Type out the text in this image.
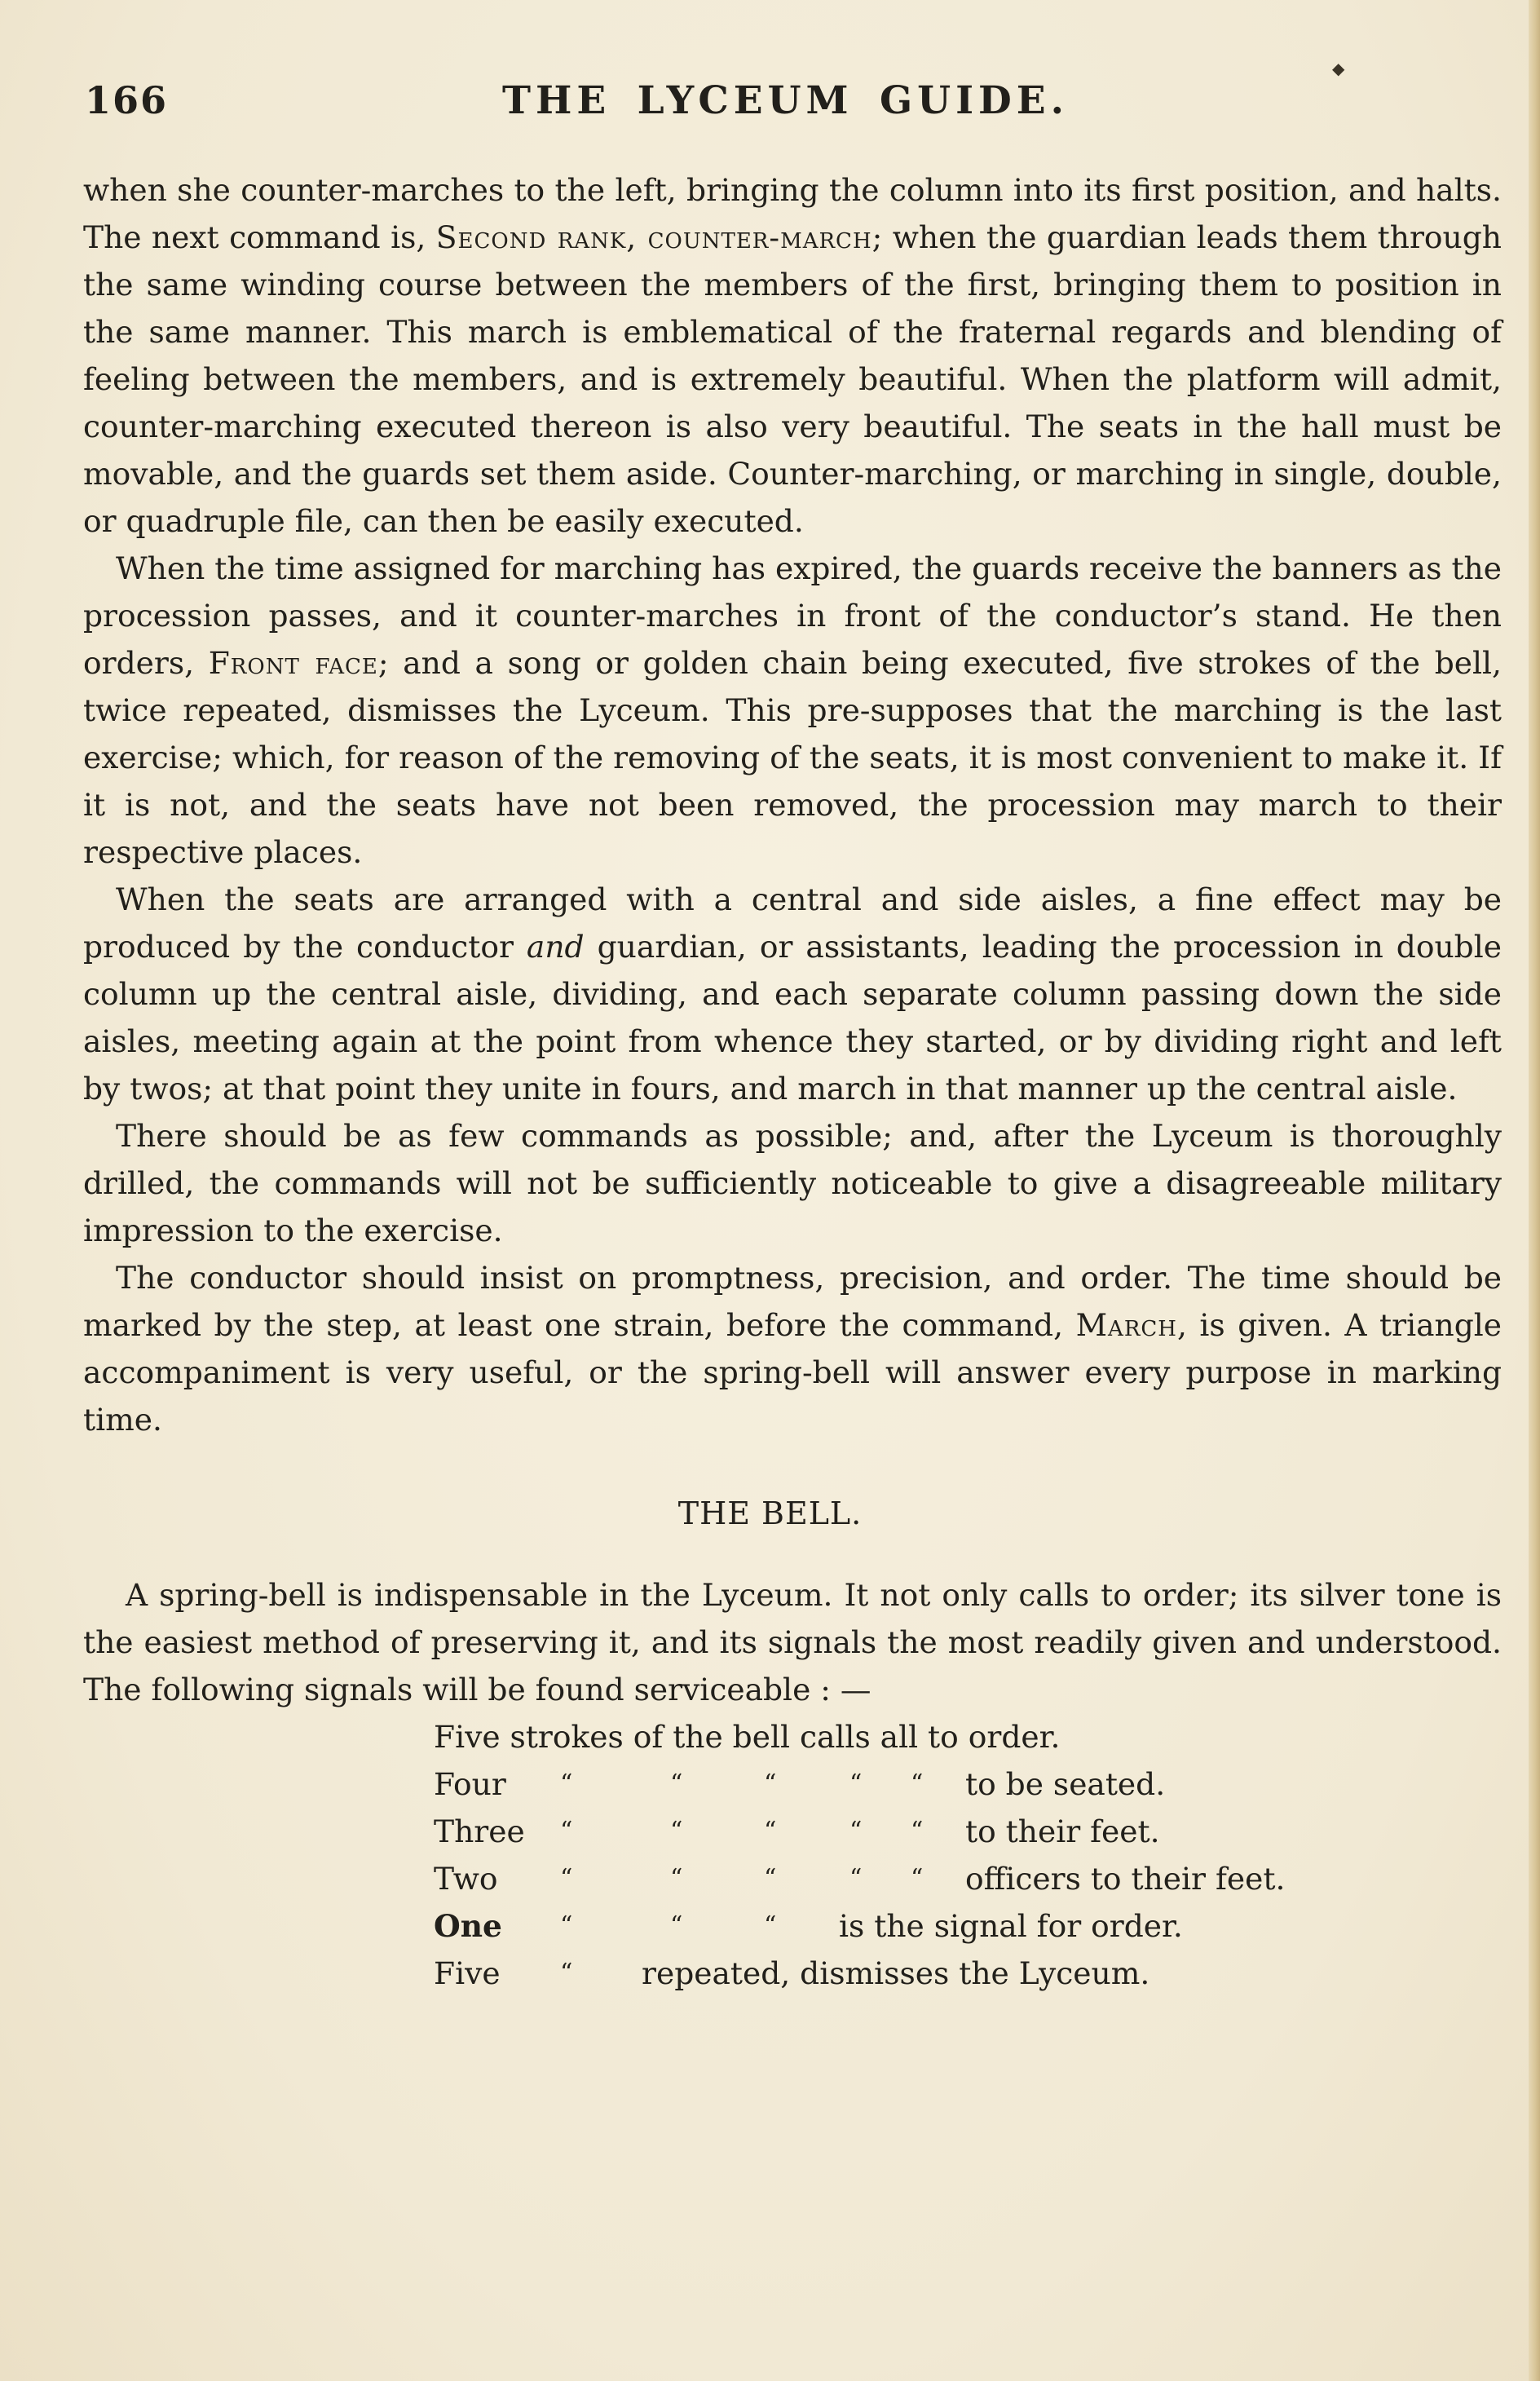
◆
166	THE LYCEUM GUIDE.

when she counter-marches to the left, bringing the column into its first position, and halts. The next command is, Second rank, counter-march; when the guardian leads them through the same winding course between the members of the first, bringing them to position in the same manner. This march is emblematical of the fraternal regards and blending of feeling between the members, and is extremely beautiful. When the platform will admit, counter-marching executed thereon is also very beautiful. The seats in the hall must be movable, and the guards set them aside. Counter-marching, or marching in single, double, or quadruple file, can then be easily executed.

When the time assigned for marching has expired, the guards receive the banners as the procession passes, and it counter-marches in front of the conductor’s stand. He then orders, Front face; and a song or golden chain being executed, five strokes of the bell, twice repeated, dismisses the Lyceum. This pre-supposes that the marching is the last exercise; which, for reason of the removing of the seats, it is most convenient to make it. If it is not, and the seats have not been removed, the procession may march to their respective places.

When the seats are arranged with a central and side aisles, a fine effect may be produced by the conductor and guardian, or assistants, leading the procession in double column up the central aisle, dividing, and each separate column passing down the side aisles, meeting again at the point from whence they started, or by dividing right and left by twos; at that point they unite in fours, and march in that manner up the central aisle.

There should be as few commands as possible; and, after the Lyceum is thoroughly drilled, the commands will not be sufficiently noticeable to give a disagreeable military impression to the exercise.

The conductor should insist on promptness, precision, and order. The time should be marked by the step, at least one strain, before the command, March, is given. A triangle accompaniment is very useful, or the spring-bell will answer every purpose in marking time.

THE BELL.

A spring-bell is indispensable in the Lyceum. It not only calls to order; its silver tone is the easiest method of preserving it, and its signals the most readily given and understood. The following signals will be found serviceable : —

Five strokes of the bell calls all to order.
Four “	“	“	“ “ to be seated.
Three “	“	“	“ “ to their feet.
Two	“	“	“	“ “ officers to their feet.
One “	“	“ is the signal for order.
Five “ repeated, dismisses the Lyceum.
